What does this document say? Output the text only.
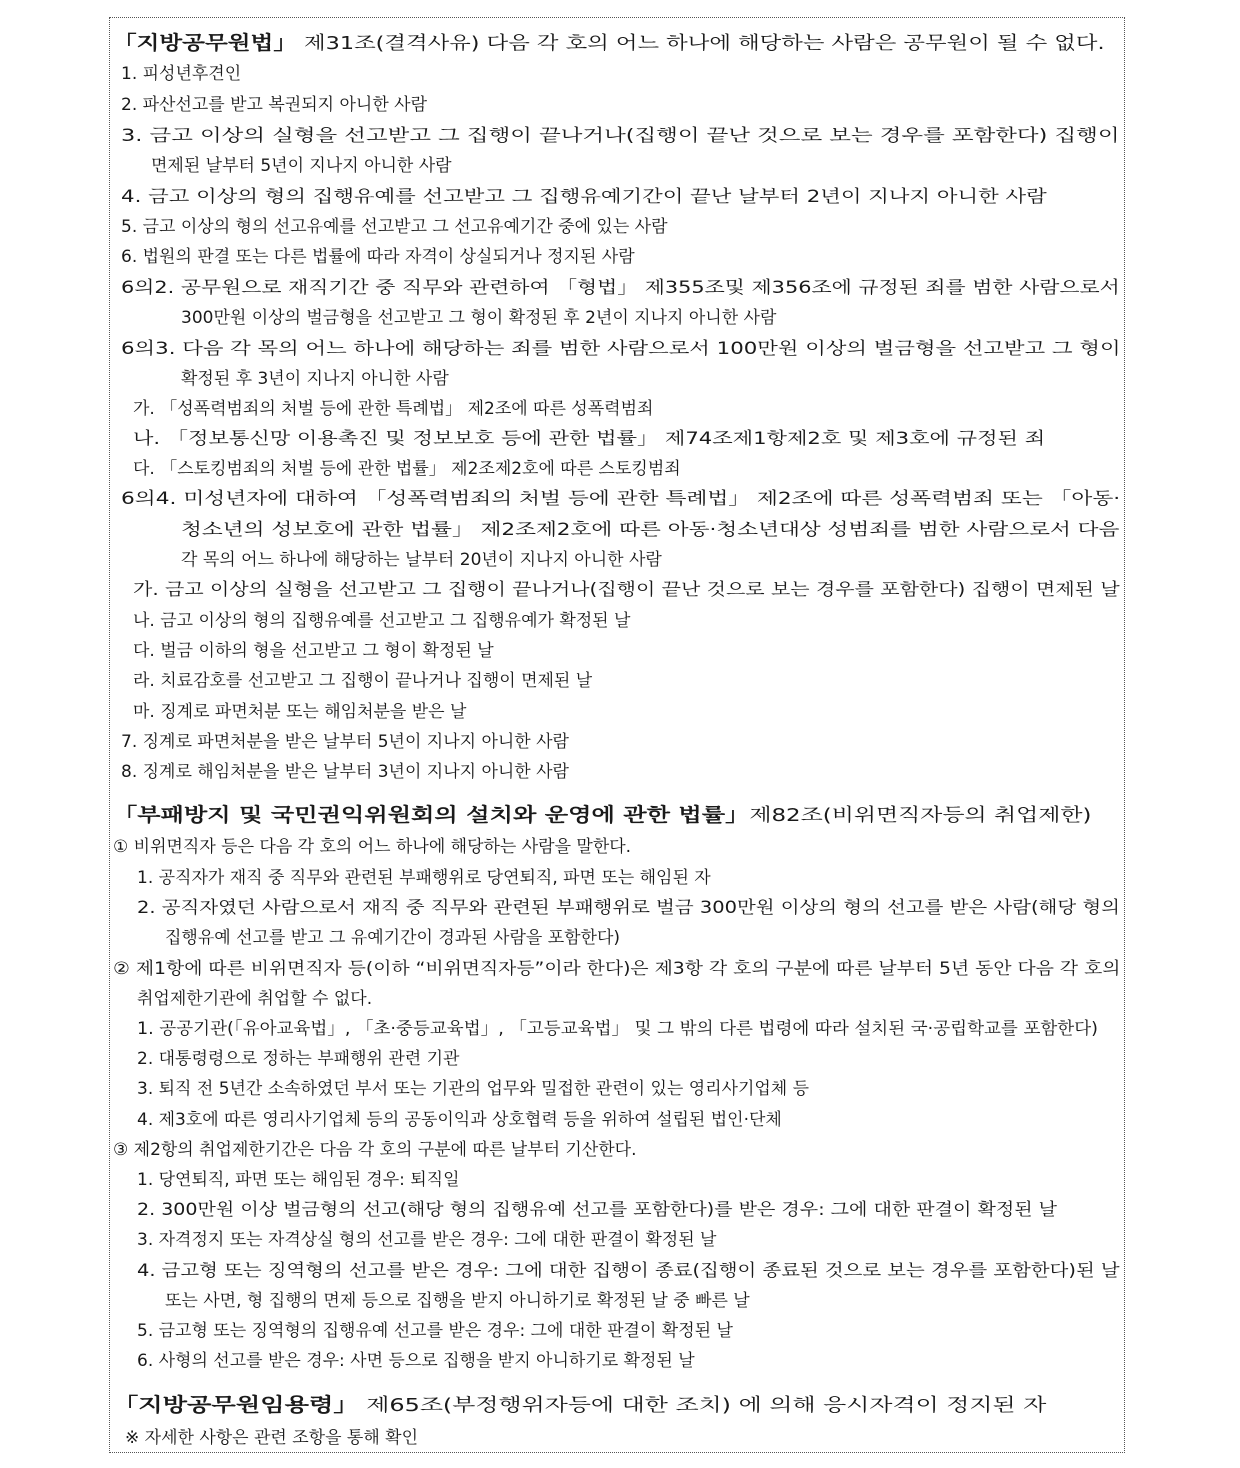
「지방공무원법」 제31조(결격사유) 다음 각 호의 어느 하나에 해당하는 사람은 공무원이 될 수 없다.
1. 피성년후견인
2. 파산선고를 받고 복권되지 아니한 사람
3. 금고 이상의 실형을 선고받고 그 집행이 끝나거나(집행이 끝난 것으로 보는 경우를 포함한다) 집행이
면제된 날부터 5년이 지나지 아니한 사람
4. 금고 이상의 형의 집행유예를 선고받고 그 집행유예기간이 끝난 날부터 2년이 지나지 아니한 사람
5. 금고 이상의 형의 선고유예를 선고받고 그 선고유예기간 중에 있는 사람
6. 법원의 판결 또는 다른 법률에 따라 자격이 상실되거나 정지된 사람
6의2. 공무원으로 재직기간 중 직무와 관련하여 「형법」 제355조및 제356조에 규정된 죄를 범한 사람으로서
300만원 이상의 벌금형을 선고받고 그 형이 확정된 후 2년이 지나지 아니한 사람
6의3. 다음 각 목의 어느 하나에 해당하는 죄를 범한 사람으로서 100만원 이상의 벌금형을 선고받고 그 형이
확정된 후 3년이 지나지 아니한 사람
가. 「성폭력범죄의 처벌 등에 관한 특례법」 제2조에 따른 성폭력범죄
나. 「정보통신망 이용촉진 및 정보보호 등에 관한 법률」 제74조제1항제2호 및 제3호에 규정된 죄
다. 「스토킹범죄의 처벌 등에 관한 법률」 제2조제2호에 따른 스토킹범죄
6의4. 미성년자에 대하여 「성폭력범죄의 처벌 등에 관한 특례법」 제2조에 따른 성폭력범죄 또는 「아동·
청소년의 성보호에 관한 법률」 제2조제2호에 따른 아동·청소년대상 성범죄를 범한 사람으로서 다음
각 목의 어느 하나에 해당하는 날부터 20년이 지나지 아니한 사람
가. 금고 이상의 실형을 선고받고 그 집행이 끝나거나(집행이 끝난 것으로 보는 경우를 포함한다) 집행이 면제된 날
나. 금고 이상의 형의 집행유예를 선고받고 그 집행유예가 확정된 날
다. 벌금 이하의 형을 선고받고 그 형이 확정된 날
라. 치료감호를 선고받고 그 집행이 끝나거나 집행이 면제된 날
마. 징계로 파면처분 또는 해임처분을 받은 날
7. 징계로 파면처분을 받은 날부터 5년이 지나지 아니한 사람
8. 징계로 해임처분을 받은 날부터 3년이 지나지 아니한 사람
「부패방지 및 국민권익위원회의 설치와 운영에 관한 법률」제82조(비위면직자등의 취업제한)
① 비위면직자 등은 다음 각 호의 어느 하나에 해당하는 사람을 말한다.
1. 공직자가 재직 중 직무와 관련된 부패행위로 당연퇴직, 파면 또는 해임된 자
2. 공직자였던 사람으로서 재직 중 직무와 관련된 부패행위로 벌금 300만원 이상의 형의 선고를 받은 사람(해당 형의
집행유예 선고를 받고 그 유예기간이 경과된 사람을 포함한다)
② 제1항에 따른 비위면직자 등(이하 “비위면직자등”이라 한다)은 제3항 각 호의 구분에 따른 날부터 5년 동안 다음 각 호의
취업제한기관에 취업할 수 없다.
1. 공공기관(「유아교육법」, 「초·중등교육법」, 「고등교육법」 및 그 밖의 다른 법령에 따라 설치된 국·공립학교를 포함한다)
2. 대통령령으로 정하는 부패행위 관련 기관
3. 퇴직 전 5년간 소속하였던 부서 또는 기관의 업무와 밀접한 관련이 있는 영리사기업체 등
4. 제3호에 따른 영리사기업체 등의 공동이익과 상호협력 등을 위하여 설립된 법인·단체
③ 제2항의 취업제한기간은 다음 각 호의 구분에 따른 날부터 기산한다.
1. 당연퇴직, 파면 또는 해임된 경우: 퇴직일
2. 300만원 이상 벌금형의 선고(해당 형의 집행유예 선고를 포함한다)를 받은 경우: 그에 대한 판결이 확정된 날
3. 자격정지 또는 자격상실 형의 선고를 받은 경우: 그에 대한 판결이 확정된 날
4. 금고형 또는 징역형의 선고를 받은 경우: 그에 대한 집행이 종료(집행이 종료된 것으로 보는 경우를 포함한다)된 날
또는 사면, 형 집행의 면제 등으로 집행을 받지 아니하기로 확정된 날 중 빠른 날
5. 금고형 또는 징역형의 집행유예 선고를 받은 경우: 그에 대한 판결이 확정된 날
6. 사형의 선고를 받은 경우: 사면 등으로 집행을 받지 아니하기로 확정된 날
「지방공무원임용령」 제65조(부정행위자등에 대한 조치) 에 의해 응시자격이 정지된 자
※ 자세한 사항은 관련 조항을 통해 확인
